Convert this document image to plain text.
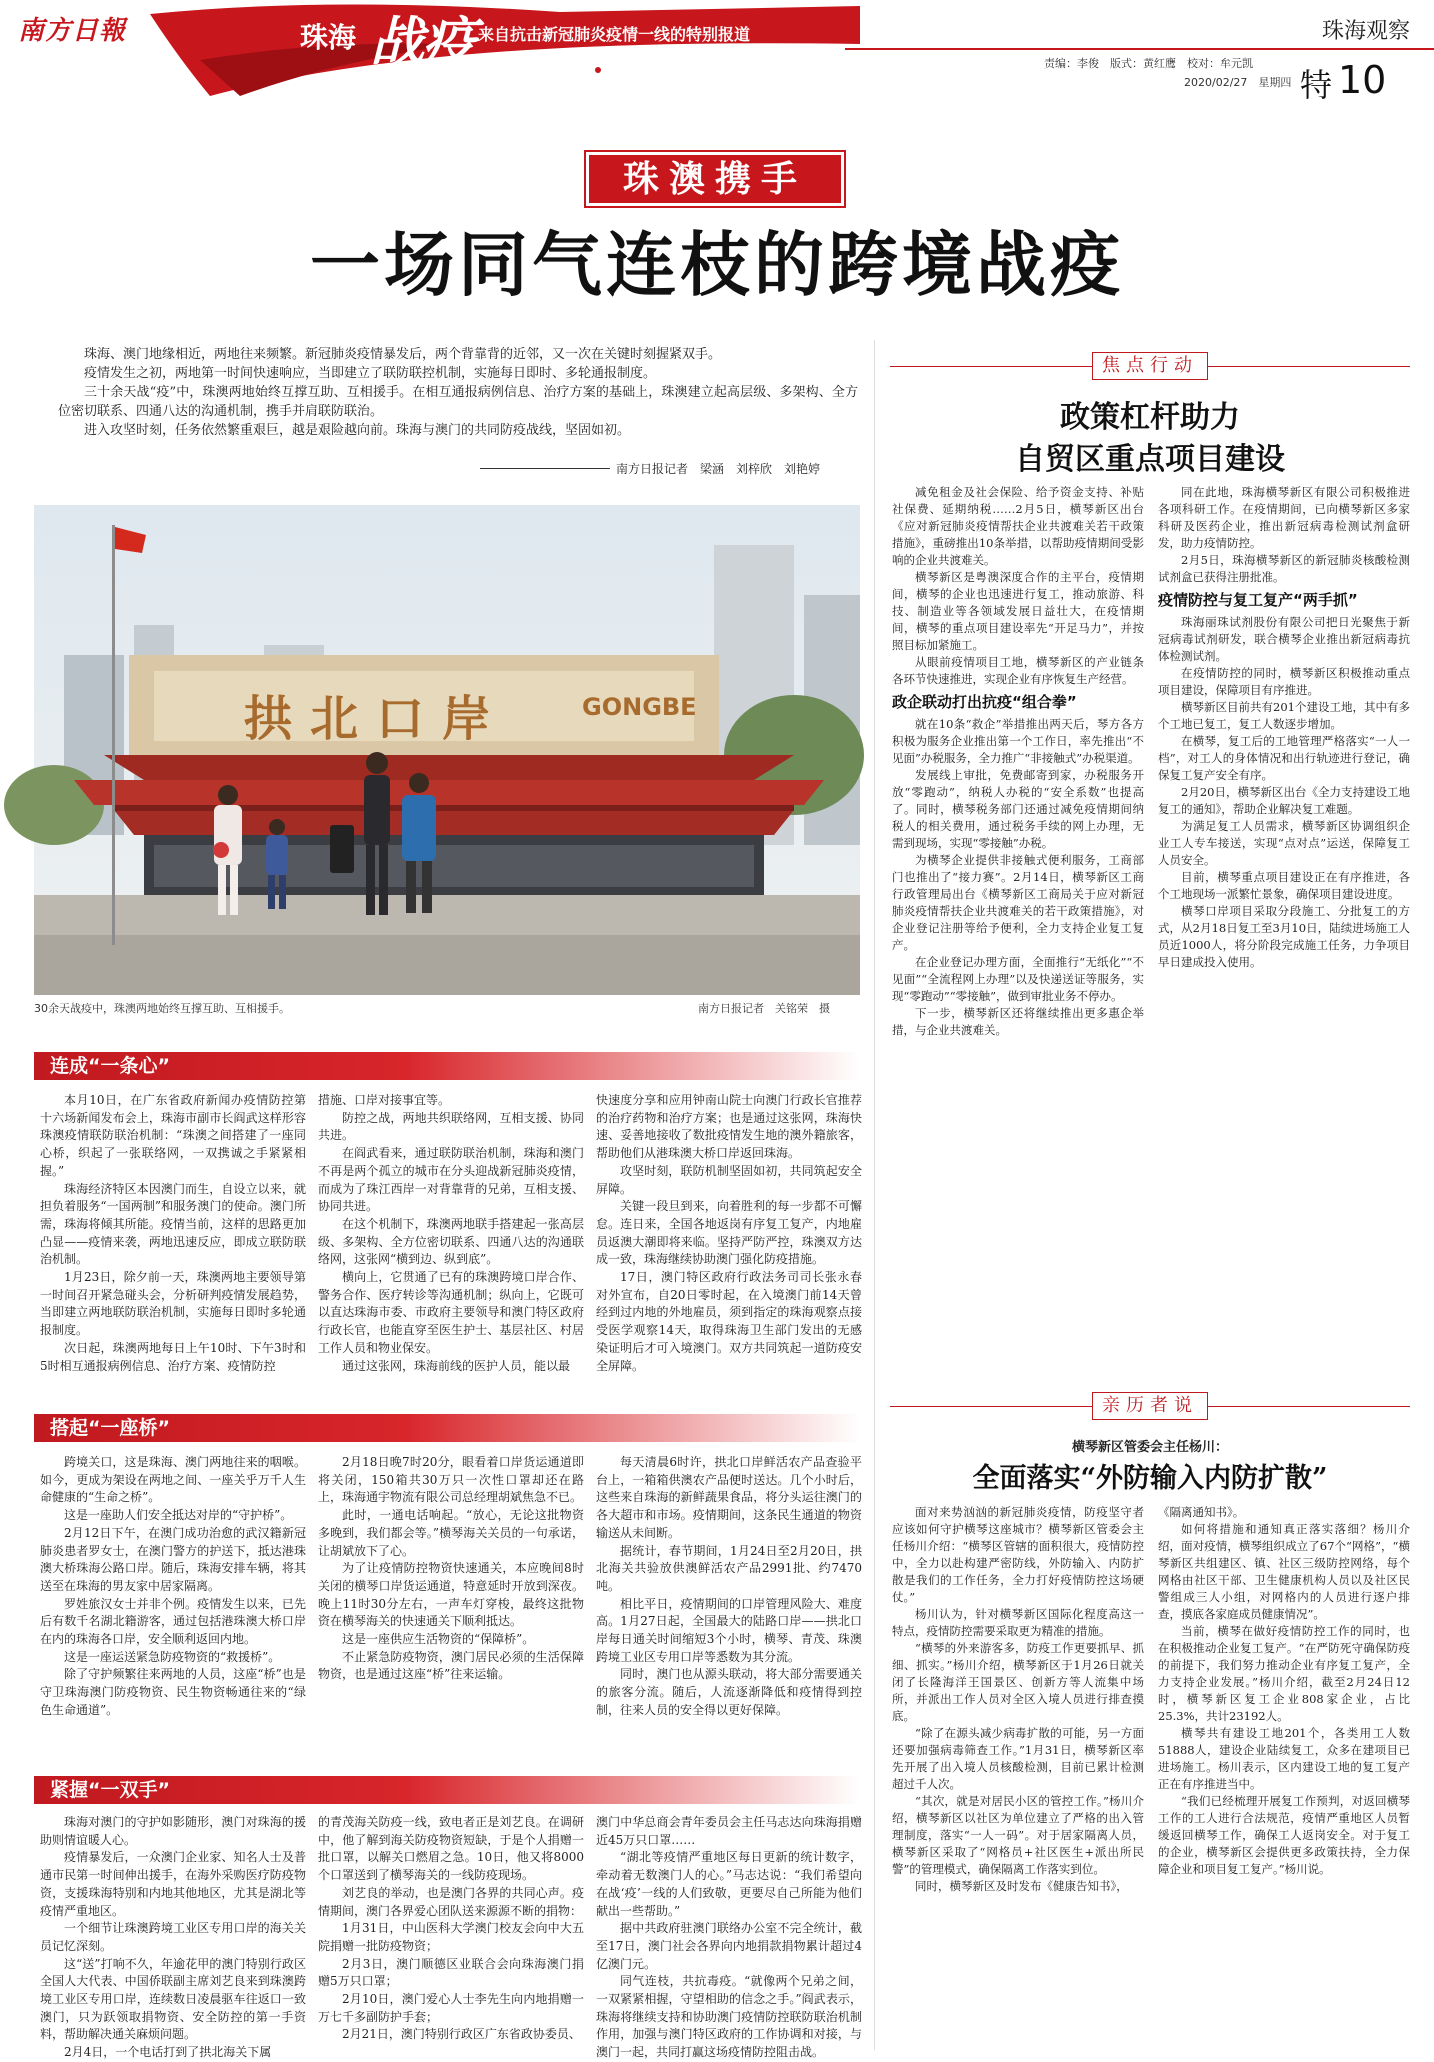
南方日報	珠海 战疫 来自抗击新冠肺炎疫情一线的特别报道	珠海观察
责编：李俊　版式：黄红鹰　校对：牟元凯
2020/02/27　星期四 特 10
珠澳携手
一场同气连枝的跨境战疫

珠海、澳门地缘相近，两地往来频繁。新冠肺炎疫情暴发后，两个背靠背的近邻，又一次在关键时刻握紧双手。

疫情发生之初，两地第一时间快速响应，当即建立了联防联控机制，实施每日即时、多轮通报制度。

三十余天战“疫”中，珠澳两地始终互撑互助、互相援手。在相互通报病例信息、治疗方案的基础上，珠澳建立起高层级、多架构、全方位密切联系、四通八达的沟通机制，携手并肩联防联治。

进入攻坚时刻，任务依然繁重艰巨，越是艰险越向前。珠海与澳门的共同防疫战线，坚固如初。

南方日报记者　梁涵　刘梓欣　刘艳婷
拱北口岸	GONGBE
30余天战疫中，珠澳两地始终互撑互助、互相援手。	南方日报记者　关铭荣　摄
连成“一条心”

本月10日，在广东省政府新闻办疫情防控第十六场新闻发布会上，珠海市副市长阎武这样形容珠澳疫情联防联治机制：“珠澳之间搭建了一座同心桥，织起了一张联络网，一双携诚之手紧紧相握。”

珠海经济特区本因澳门而生，自设立以来，就担负着服务“一国两制”和服务澳门的使命。澳门所需，珠海将倾其所能。疫情当前，这样的思路更加凸显——疫情来袭，两地迅速反应，即成立联防联治机制。

1月23日，除夕前一天，珠澳两地主要领导第一时间召开紧急碰头会，分析研判疫情发展趋势，当即建立两地联防联治机制，实施每日即时多轮通报制度。

次日起，珠澳两地每日上午10时、下午3时和5时相互通报病例信息、治疗方案、疫情防控

措施、口岸对接事宜等。

防控之战，两地共织联络网，互相支援、协同共进。

在阎武看来，通过联防联治机制，珠海和澳门不再是两个孤立的城市在分头迎战新冠肺炎疫情，而成为了珠江西岸一对背靠背的兄弟，互相支援、协同共进。

在这个机制下，珠澳两地联手搭建起一张高层级、多架构、全方位密切联系、四通八达的沟通联络网，这张网“横到边、纵到底”。

横向上，它贯通了已有的珠澳跨境口岸合作、警务合作、医疗转诊等沟通机制；纵向上，它既可以直达珠海市委、市政府主要领导和澳门特区政府行政长官，也能直穿至医生护士、基层社区、村居工作人员和物业保安。

通过这张网，珠海前线的医护人员，能以最

快速度分享和应用钟南山院士向澳门行政长官推荐的治疗药物和治疗方案；也是通过这张网，珠海快速、妥善地接收了数批疫情发生地的澳外籍旅客，帮助他们从港珠澳大桥口岸返回珠海。

攻坚时刻，联防机制坚固如初，共同筑起安全屏障。

关键一段旦到来，向着胜利的每一步都不可懈怠。连日来，全国各地返岗有序复工复产，内地雇员返澳大潮即将来临。坚持严防严控，珠澳双方达成一致，珠海继续协助澳门强化防疫措施。

17日，澳门特区政府行政法务司司长张永春对外宣布，自20日零时起，在入境澳门前14天曾经到过内地的外地雇员，须到指定的珠海观察点接受医学观察14天，取得珠海卫生部门发出的无感染证明后才可入境澳门。双方共同筑起一道防疫安全屏障。

搭起“一座桥”

跨境关口，这是珠海、澳门两地往来的咽喉。如今，更成为架设在两地之间、一座关乎万千人生命健康的“生命之桥”。

这是一座助人们安全抵达对岸的“守护桥”。

2月12日下午，在澳门成功治愈的武汉籍新冠肺炎患者罗女士，在澳门警方的护送下，抵达港珠澳大桥珠海公路口岸。随后，珠海安排车辆，将其送至在珠海的男友家中居家隔离。

罗姓旅汉女士并非个例。疫情发生以来，已先后有数千名湖北籍游客，通过包括港珠澳大桥口岸在内的珠海各口岸，安全顺利返回内地。

这是一座运送紧急防疫物资的“救援桥”。

除了守护频繁往来两地的人员，这座“桥”也是守卫珠海澳门防疫物资、民生物资畅通往来的“绿色生命通道”。

2月18日晚7时20分，眼看着口岸货运通道即将关闭，150箱共30万只一次性口罩却还在路上，珠海通宇物流有限公司总经理胡斌焦急不已。

此时，一通电话响起。“放心，无论这批物资多晚到，我们都会等。”横琴海关关员的一句承诺，让胡斌放下了心。

为了让疫情防控物资快速通关，本应晚间8时关闭的横琴口岸货运通道，特意延时开放到深夜。晚上11时30分左右，一声车灯穿梭，最终这批物资在横琴海关的快速通关下顺利抵达。

这是一座供应生活物资的“保障桥”。

不止紧急防疫物资，澳门居民必须的生活保障物资，也是通过这座“桥”往来运输。

每天清晨6时许，拱北口岸鲜活农产品查验平台上，一箱箱供澳农产品便时送达。几个小时后，这些来自珠海的新鲜蔬果食品，将分头运往澳门的各大超市和市场。疫情期间，这条民生通道的物资输送从未间断。

据统计，春节期间，1月24日至2月20日，拱北海关共验放供澳鲜活农产品2991批、约7470吨。

相比平日，疫情期间的口岸管理风险大、难度高。1月27日起，全国最大的陆路口岸——拱北口岸每日通关时间缩短3个小时，横琴、青茂、珠澳跨境工业区专用口岸等悉数为其分流。

同时，澳门也从源头联动，将大部分需要通关的旅客分流。随后，人流逐渐降低和疫情得到控制，往来人员的安全得以更好保障。

紧握“一双手”

珠海对澳门的守护如影随形，澳门对珠海的援助则情谊暖人心。

疫情暴发后，一众澳门企业家、知名人士及普通市民第一时间伸出援手，在海外采购医疗防疫物资，支援珠海特别和内地其他地区，尤其是湖北等疫情严重地区。

一个细节让珠澳跨境工业区专用口岸的海关关员记忆深刻。

这“送”打响不久，年逾花甲的澳门特别行政区全国人大代表、中国侨联副主席刘艺良来到珠澳跨境工业区专用口岸，连续数日凌晨驱车往返口一致澳门，只为跃领取捐物资、安全防控的第一手资料，帮助解决通关麻烦问题。

2月4日，一个电话打到了拱北海关下属

的青茂海关防疫一线，致电者正是刘艺良。在调研中，他了解到海关防疫物资短缺，于是个人捐赠一批口罩，以解关口燃眉之急。10日，他又将8000个口罩送到了横琴海关的一线防疫现场。

刘艺良的举动，也是澳门各界的共同心声。疫情期间，澳门各界爱心团队送来源源不断的捐物：

1月31日，中山医科大学澳门校友会向中大五院捐赠一批防疫物资；

2月3日，澳门顺德区业联合会向珠海澳门捐赠5万只口罩；

2月10日，澳门爱心人士李先生向内地捐赠一万七千多副防护手套；

2月21日，澳门特别行政区广东省政协委员、

澳门中华总商会青年委员会主任马志达向珠海捐赠近45万只口罩……

“湖北等疫情严重地区每日更新的统计数字，牵动着无数澳门人的心。”马志达说：“我们希望向在战‘疫’一线的人们致敬，更要尽自己所能为他们献出一些帮助。”

据中共政府驻澳门联络办公室不完全统计，截至17日，澳门社会各界向内地捐款捐物累计超过4亿澳门元。

同气连枝，共抗毒疫。“就像两个兄弟之间，一双紧紧相握，守望相助的信念之手。”阎武表示，珠海将继续支持和协助澳门疫情防控联防联治机制作用，加强与澳门特区政府的工作协调和对接，与澳门一起，共同打赢这场疫情防控阻击战。

焦点行动
政策杠杆助力
自贸区重点项目建设

减免租金及社会保险、给予资金支持、补贴社保费、延期纳税……2月5日，横琴新区出台《应对新冠肺炎疫情帮扶企业共渡难关若干政策措施》，重磅推出10条举措，以帮助疫情期间受影响的企业共渡难关。

横琴新区是粤澳深度合作的主平台，疫情期间，横琴的企业也迅速进行复工，推动旅游、科技、制造业等各领域发展日益壮大，在疫情期间，横琴的重点项目建设率先“开足马力”，并按照目标加紧施工。

从眼前疫情项目工地，横琴新区的产业链条各环节快速推进，实现企业有序恢复生产经营。

政企联动打出抗疫“组合拳”

就在10条“救企”举措推出两天后，琴方各方积极为服务企业推出第一个工作日，率先推出“不见面”办税服务，全力推广“非接触式”办税渠道。

发展线上审批，免费邮寄到家，办税服务开放“零跑动”，纳税人办税的“安全系数”也提高了。同时，横琴税务部门还通过减免疫情期间纳税人的相关费用，通过税务手续的网上办理，无需到现场，实现“零接触”办税。

为横琴企业提供非接触式便利服务，工商部门也推出了“接力赛”。2月14日，横琴新区工商行政管理局出台《横琴新区工商局关于应对新冠肺炎疫情帮扶企业共渡难关的若干政策措施》，对企业登记注册等给予便利，全力支持企业复工复产。

在企业登记办理方面，全面推行“无纸化”“不见面”“全流程网上办理”以及快递送证等服务，实现“零跑动”“零接触”，做到审批业务不停办。

下一步，横琴新区还将继续推出更多惠企举措，与企业共渡难关。

同在此地，珠海横琴新区有限公司积极推进各项科研工作。在疫情期间，已向横琴新区多家科研及医药企业，推出新冠病毒检测试剂盒研发，助力疫情防控。

2月5日，珠海横琴新区的新冠肺炎核酸检测试剂盒已获得注册批准。

疫情防控与复工复产“两手抓”

珠海丽珠试剂股份有限公司把日光聚焦于新冠病毒试剂研发，联合横琴企业推出新冠病毒抗体检测试剂。

在疫情防控的同时，横琴新区积极推动重点项目建设，保障项目有序推进。

横琴新区目前共有201个建设工地，其中有多个工地已复工，复工人数逐步增加。

在横琴，复工后的工地管理严格落实“一人一档”，对工人的身体情况和出行轨迹进行登记，确保复工复产安全有序。

2月20日，横琴新区出台《全力支持建设工地复工的通知》，帮助企业解决复工难题。

为满足复工人员需求，横琴新区协调组织企业工人专车接送，实现“点对点”运送，保障复工人员安全。

目前，横琴重点项目建设正在有序推进，各个工地现场一派繁忙景象，确保项目建设进度。

横琴口岸项目采取分段施工、分批复工的方式，从2月18日复工至3月10日，陆续进场施工人员近1000人，将分阶段完成施工任务，力争项目早日建成投入使用。

亲历者说
横琴新区管委会主任杨川：
全面落实“外防输入内防扩散”

面对来势汹汹的新冠肺炎疫情，防疫坚守者应该如何守护横琴这座城市？横琴新区管委会主任杨川介绍：“横琴区管辖的面积很大，疫情防控中，全力以赴构建严密防线，外防输入、内防扩散是我们的工作任务，全力打好疫情防控这场硬仗。”

杨川认为，针对横琴新区国际化程度高这一特点，疫情防控需要采取更为精准的措施。

“横琴的外来游客多，防疫工作更要抓早、抓细、抓实。”杨川介绍，横琴新区于1月26日就关闭了长隆海洋王国景区、创新方等人流集中场所，并派出工作人员对全区入境人员进行排查摸底。

“除了在源头减少病毒扩散的可能，另一方面还要加强病毒筛查工作。”1月31日，横琴新区率先开展了出入境人员核酸检测，目前已累计检测超过千人次。

“其次，就是对居民小区的管控工作。”杨川介绍，横琴新区以社区为单位建立了严格的出入管理制度，落实“一人一码”。对于居家隔离人员，横琴新区采取了“网格员+社区医生+派出所民警”的管理模式，确保隔离工作落实到位。

同时，横琴新区及时发布《健康告知书》，

《隔离通知书》。

如何将措施和通知真正落实落细？杨川介绍，面对疫情，横琴组织成立了67个“网格”，“横琴新区共组建区、镇、社区三级防控网络，每个网格由社区干部、卫生健康机构人员以及社区民警组成三人小组，对网格内的人员进行逐户排查，摸底各家庭成员健康情况”。

当前，横琴在做好疫情防控工作的同时，也在积极推动企业复工复产。“在严防死守确保防疫的前提下，我们努力推动企业有序复工复产，全力支持企业发展。”杨川介绍，截至2月24日12时，横琴新区复工企业808家企业，占比25.3%，共计23192人。

横琴共有建设工地201个，各类用工人数51888人，建设企业陆续复工，众多在建项目已进场施工。杨川表示，区内建设工地的复工复产正在有序推进当中。

“我们已经梳理开展复工作预判，对返回横琴工作的工人进行合法规范，疫情严重地区人员暂缓返回横琴工作，确保工人返岗安全。对于复工的企业，横琴新区会提供更多政策扶持，全力保障企业和项目复工复产。”杨川说。
